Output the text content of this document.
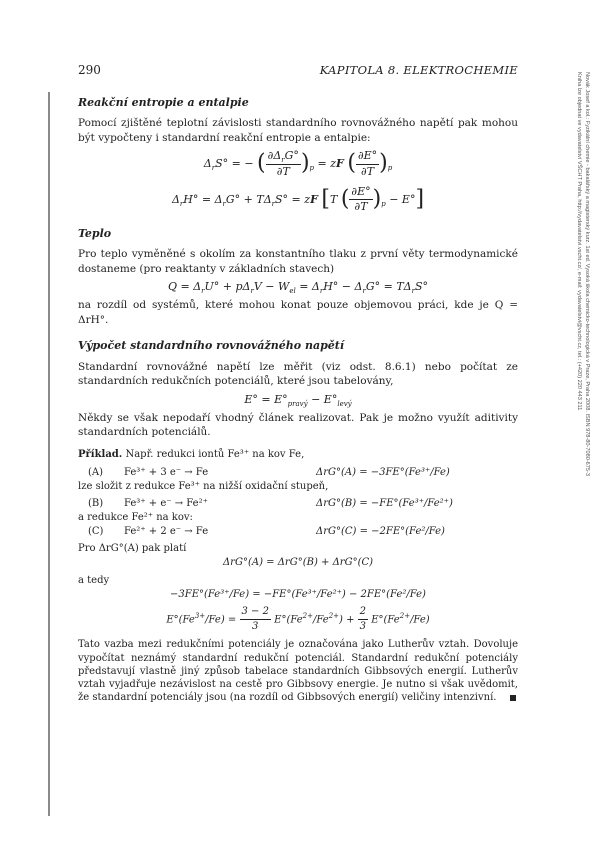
290	KAPITOLA 8. ELEKTROCHEMIE
Novák Josef a kol.: Fyzikální chemie - bakalářský a magisterský kurz. 1st ed. Vysoká škola chemicko-technologická v Praze, Praha 2008. ISBN 978-80-7080-675-3
Kniha lze objednat ve vydavatelství VŠCHT Praha, http://vydavatelstvi.vscht.cz/, e-mail: vydavatelstvi@vscht.cz, tel.: (+420) 220 443 211
Reakční entropie a entalpie

Pomocí zjištěné teplotní závislosti standardního rovnovážného napětí pak mohou být vypočteny i standardní reakční entropie a entalpie:

$\Delta_rS^\circ$ = − ( $\frac{\partial\Delta_rG^\circ}{\partial T} )_p$ = zF ( $\frac{\partial E^\circ}{\partial T} )_p$
$\Delta_rH^\circ = \Delta_rG^\circ + T\Delta_rS^\circ$ = zF [T ( $\frac{\partial E^\circ}{\partial T} )_p - E^\circ$]
Teplo

Pro teplo vyměněné s okolím za konstantního tlaku z první věty termodynamické dostaneme (pro reaktanty v základních stavech)

$Q = \Delta_rU^\circ + p\Delta_rV - W_{el} = \Delta_rH^\circ - \Delta_rG^\circ = T\Delta_rS^\circ$

na rozdíl od systémů, které mohou konat pouze objemovou práci, kde je Q = ΔrH°.

Výpočet standardního rovnovážného napětí

Standardní rovnovážné napětí lze měřit (viz odst. 8.6.1) nebo počítat ze standardních redukčních potenciálů, které jsou tabelovány,

$E^\circ = E^\circ_{pravý} - E^\circ_{levý}$

Někdy se však nepodaří vhodný článek realizovat. Pak je možno využít aditivity standardních potenciálů.

Příklad. Např. redukci iontů Fe³⁺ na kov Fe,
(A)	Fe³⁺ + 3 e⁻ → Fe	ΔrG°(A) = −3FE°(Fe³⁺/Fe)
lze složit z redukce Fe³⁺ na nižší oxidační stupeň,
(B)	Fe³⁺ + e⁻ → Fe²⁺	ΔrG°(B) = −FE°(Fe³⁺/Fe²⁺)
a redukce Fe²⁺ na kov:
(C)	Fe²⁺ + 2 e⁻ → Fe	ΔrG°(C) = −2FE°(Fe²/Fe)
Pro ΔrG°(A) pak platí
ΔrG°(A) = ΔrG°(B) + ΔrG°(C)
a tedy
−3FE°(Fe³⁺/Fe) = −FE°(Fe³⁺/Fe²⁺) − 2FE°(Fe²/Fe)
$E^\circ(Fe^{3+}/Fe) = \frac{3 - 2}{3} E^\circ(Fe^{2+}/Fe^{2+}) + \frac{2}{3} E^\circ(Fe^{2+}/Fe)$

Tato vazba mezi redukčními potenciály je označována jako Lutherův vztah. Dovoluje vypočítat neznámý standardní redukční potenciál. Standardní redukční potenciály představují vlastně jiný způsob tabelace standardních Gibbsových energií. Lutherův vztah vyjadřuje nezávislost na cestě pro Gibbsovy energie. Je nutno si však uvědomit, že standardní potenciály jsou (na rozdíl od Gibbsových energií) veličiny intenzivní.
